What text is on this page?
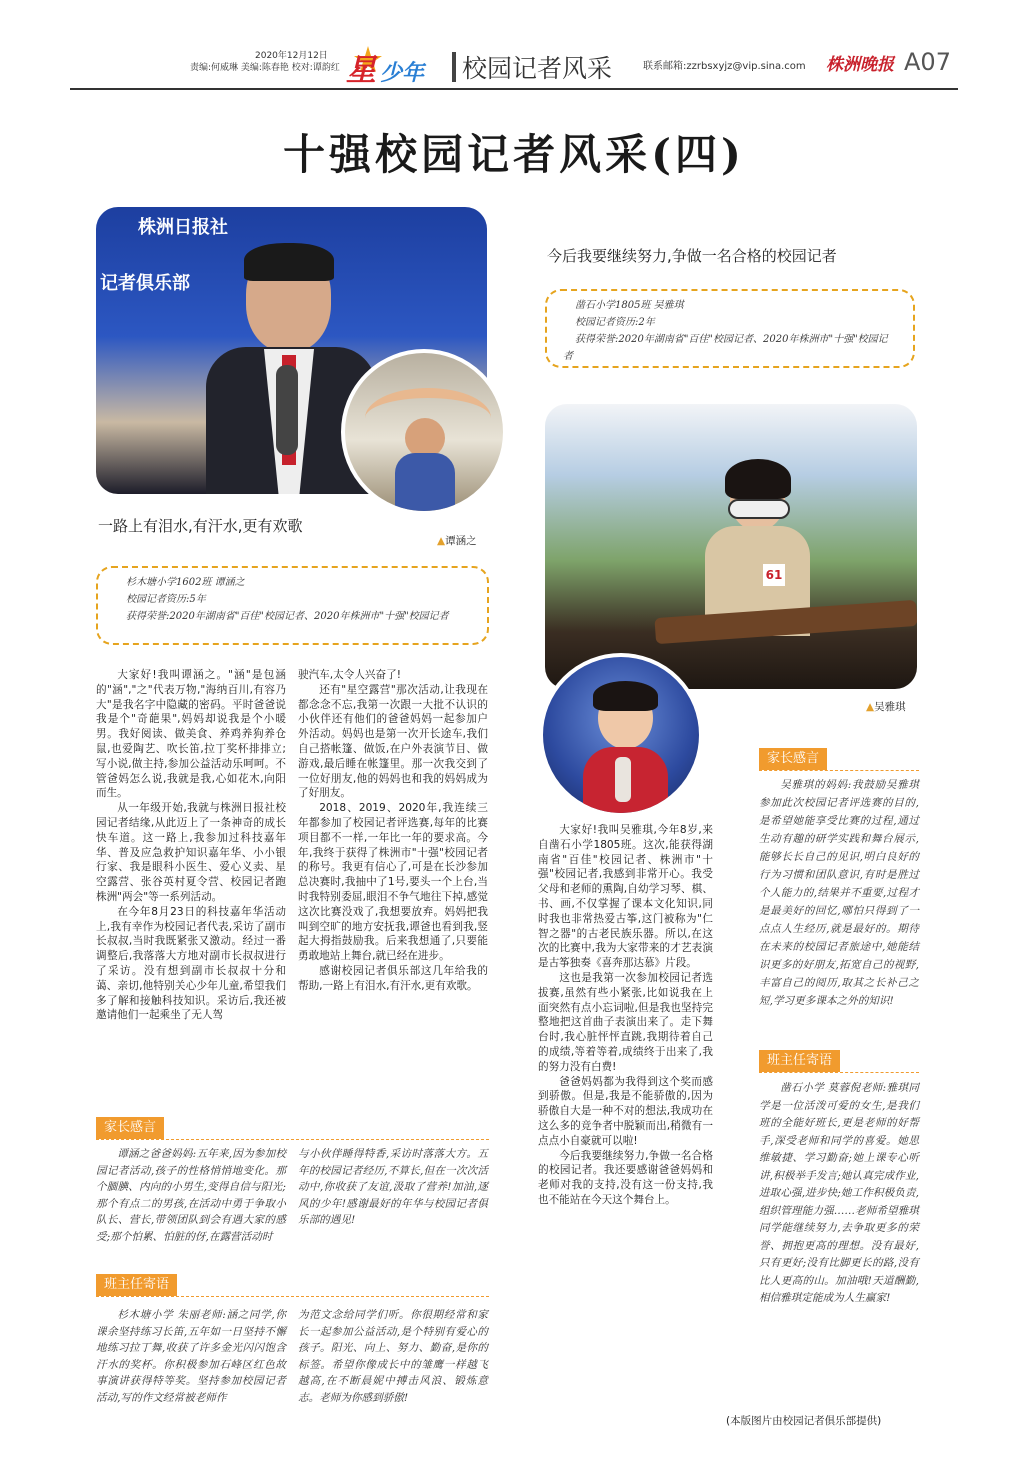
2020年12月12日
责编:何威琳 美编:陈春艳 校对:谭韵红 星 少年 校园记者风采	联系邮箱:zzrbsxyjz@vip.sina.com 株洲晚报 A07
十强校园记者风采(四)
株洲日报社
记者俱乐部
一路上有泪水,有汗水,更有欢歌
▲谭涵之
杉木塘小学1602班 谭涵之
校园记者资历:5年
获得荣誉:2020年湖南省"百佳"校园记者、2020年株洲市"十强"校园记者

大家好!我叫谭涵之。"涵"是包涵的"涵","之"代表万物,"海纳百川,有容乃大"是我名字中隐藏的密码。平时爸爸说我是个"奇葩果",妈妈却说我是个小暖男。我好阅读、做美食、养鸡养狗养仓鼠,也爱陶艺、吹长笛,拉丁奖杯排排立;写小说,做主持,参加公益活动乐呵呵。不管爸妈怎么说,我就是我,心如花木,向阳而生。

从一年级开始,我就与株洲日报社校园记者结缘,从此迈上了一条神奇的成长快车道。这一路上,我参加过科技嘉年华、普及应急救护知识嘉年华、小小银行家、我是眼科小医生、爱心义卖、星空露营、张谷英村夏令营、校园记者跑株洲"两会"等一系列活动。

在今年8月23日的科技嘉年华活动上,我有幸作为校园记者代表,采访了副市长叔叔,当时我既紧张又激动。经过一番调整后,我落落大方地对副市长叔叔进行了采访。没有想到副市长叔叔十分和蔼、亲切,他特别关心少年儿童,希望我们多了解和接触科技知识。采访后,我还被邀请他们一起乘坐了无人驾

驶汽车,太令人兴奋了!

还有"星空露营"那次活动,让我现在都念念不忘,我第一次跟一大批不认识的小伙伴还有他们的爸爸妈妈一起参加户外活动。妈妈也是第一次开长途车,我们自己搭帐篷、做饭,在户外表演节目、做游戏,最后睡在帐篷里。那一次我交到了一位好朋友,他的妈妈也和我的妈妈成为了好朋友。

2018、2019、2020年,我连续三年都参加了校园记者评选赛,每年的比赛项目都不一样,一年比一年的要求高。今年,我终于获得了株洲市"十强"校园记者的称号。我更有信心了,可是在长沙参加总决赛时,我抽中了1号,要头一个上台,当时我特别委屈,眼泪不争气地往下掉,感觉这次比赛没戏了,我想要放弃。妈妈把我叫到空旷的地方安抚我,谭爸也看到我,竖起大拇指鼓励我。后来我想通了,只要能勇敢地站上舞台,就已经在进步。

感谢校园记者俱乐部这几年给我的帮助,一路上有泪水,有汗水,更有欢歌。

家长感言

谭涵之爸爸妈妈:五年来,因为参加校园记者活动,孩子的性格悄悄地变化。那个腼腆、内向的小男生,变得自信与阳光;那个有点二的男孩,在活动中勇于争取小队长、营长,带领团队到会有遇大家的感受;那个怕累、怕脏的伢,在露营活动时

与小伙伴睡得特香,采访时落落大方。五年的校园记者经历,不算长,但在一次次活动中,你收获了友谊,汲取了营养!加油,逐风的少年!感谢最好的年华与校园记者俱乐部的遇见!

班主任寄语

杉木塘小学 朱丽老师:涵之同学,你课余坚持练习长笛,五年如一日坚持不懈地练习拉丁舞,收获了许多金光闪闪饱含汗水的奖杯。你积极参加石峰区红色故事演讲获得特等奖。坚持参加校园记者活动,写的作文经常被老师作

为范文念给同学们听。你很期经常和家长一起参加公益活动,是个特别有爱心的孩子。阳光、向上、努力、勤奋,是你的标签。希望你像成长中的雏鹰一样越飞越高,在不断晨妮中搏击风浪、锻炼意志。老师为你感到骄傲!

今后我要继续努力,争做一名合格的校园记者
凿石小学1805班 吴雅琪
校园记者资历:2年
获得荣誉:2020年湖南省"百佳"校园记者、2020年株洲市"十强"校园记者
61
▲吴雅琪

大家好!我叫吴雅琪,今年8岁,来自凿石小学1805班。这次,能获得湖南省"百佳"校园记者、株洲市"十强"校园记者,我感到非常开心。我受父母和老师的熏陶,自幼学习琴、棋、书、画,不仅掌握了课本文化知识,同时我也非常热爱古筝,这门被称为"仁智之器"的古老民族乐器。所以,在这次的比赛中,我为大家带来的才艺表演是古筝独奏《喜奔那达慕》片段。

这也是我第一次参加校园记者选拔赛,虽然有些小紧张,比如说我在上面突然有点小忘词啦,但是我也坚持完整地把这首曲子表演出来了。走下舞台时,我心脏怦怦直跳,我期待着自己的成绩,等着等着,成绩终于出来了,我的努力没有白费!

爸爸妈妈都为我得到这个奖而感到骄傲。但是,我是不能骄傲的,因为骄傲自大是一种不对的想法,我成功在这么多的竞争者中脱颖而出,稍微有一点点小自豪就可以啦!

今后我要继续努力,争做一名合格的校园记者。我还要感谢爸爸妈妈和老师对我的支持,没有这一份支持,我也不能站在今天这个舞台上。

家长感言

吴雅琪的妈妈:我鼓励吴雅琪参加此次校园记者评选赛的目的,是希望她能享受比赛的过程,通过生动有趣的研学实践和舞台展示,能够长长自己的见识,明白良好的行为习惯和团队意识,有时是胜过个人能力的,结果并不重要,过程才是最美好的回忆,哪怕只得到了一点点人生经历,就是最好的。期待在未来的校园记者旅途中,她能结识更多的好朋友,拓宽自己的视野,丰富自己的阅历,取其之长补己之短,学习更多课本之外的知识!

班主任寄语

凿石小学 莫蓉倪老师:雅琪同学是一位活泼可爱的女生,是我们班的全能好班长,更是老师的好帮手,深受老师和同学的喜爱。她思维敏捷、学习勤奋;她上课专心听讲,积极举手发言;她认真完成作业,进取心强,进步快;她工作积极负责,组织管理能力强……老师希望雅琪同学能继续努力,去争取更多的荣誉、拥抱更高的理想。没有最好,只有更好;没有比脚更长的路,没有比人更高的山。加油哦!天道酬勤,相信雅琪定能成为人生赢家!

(本版图片由校园记者俱乐部提供)
